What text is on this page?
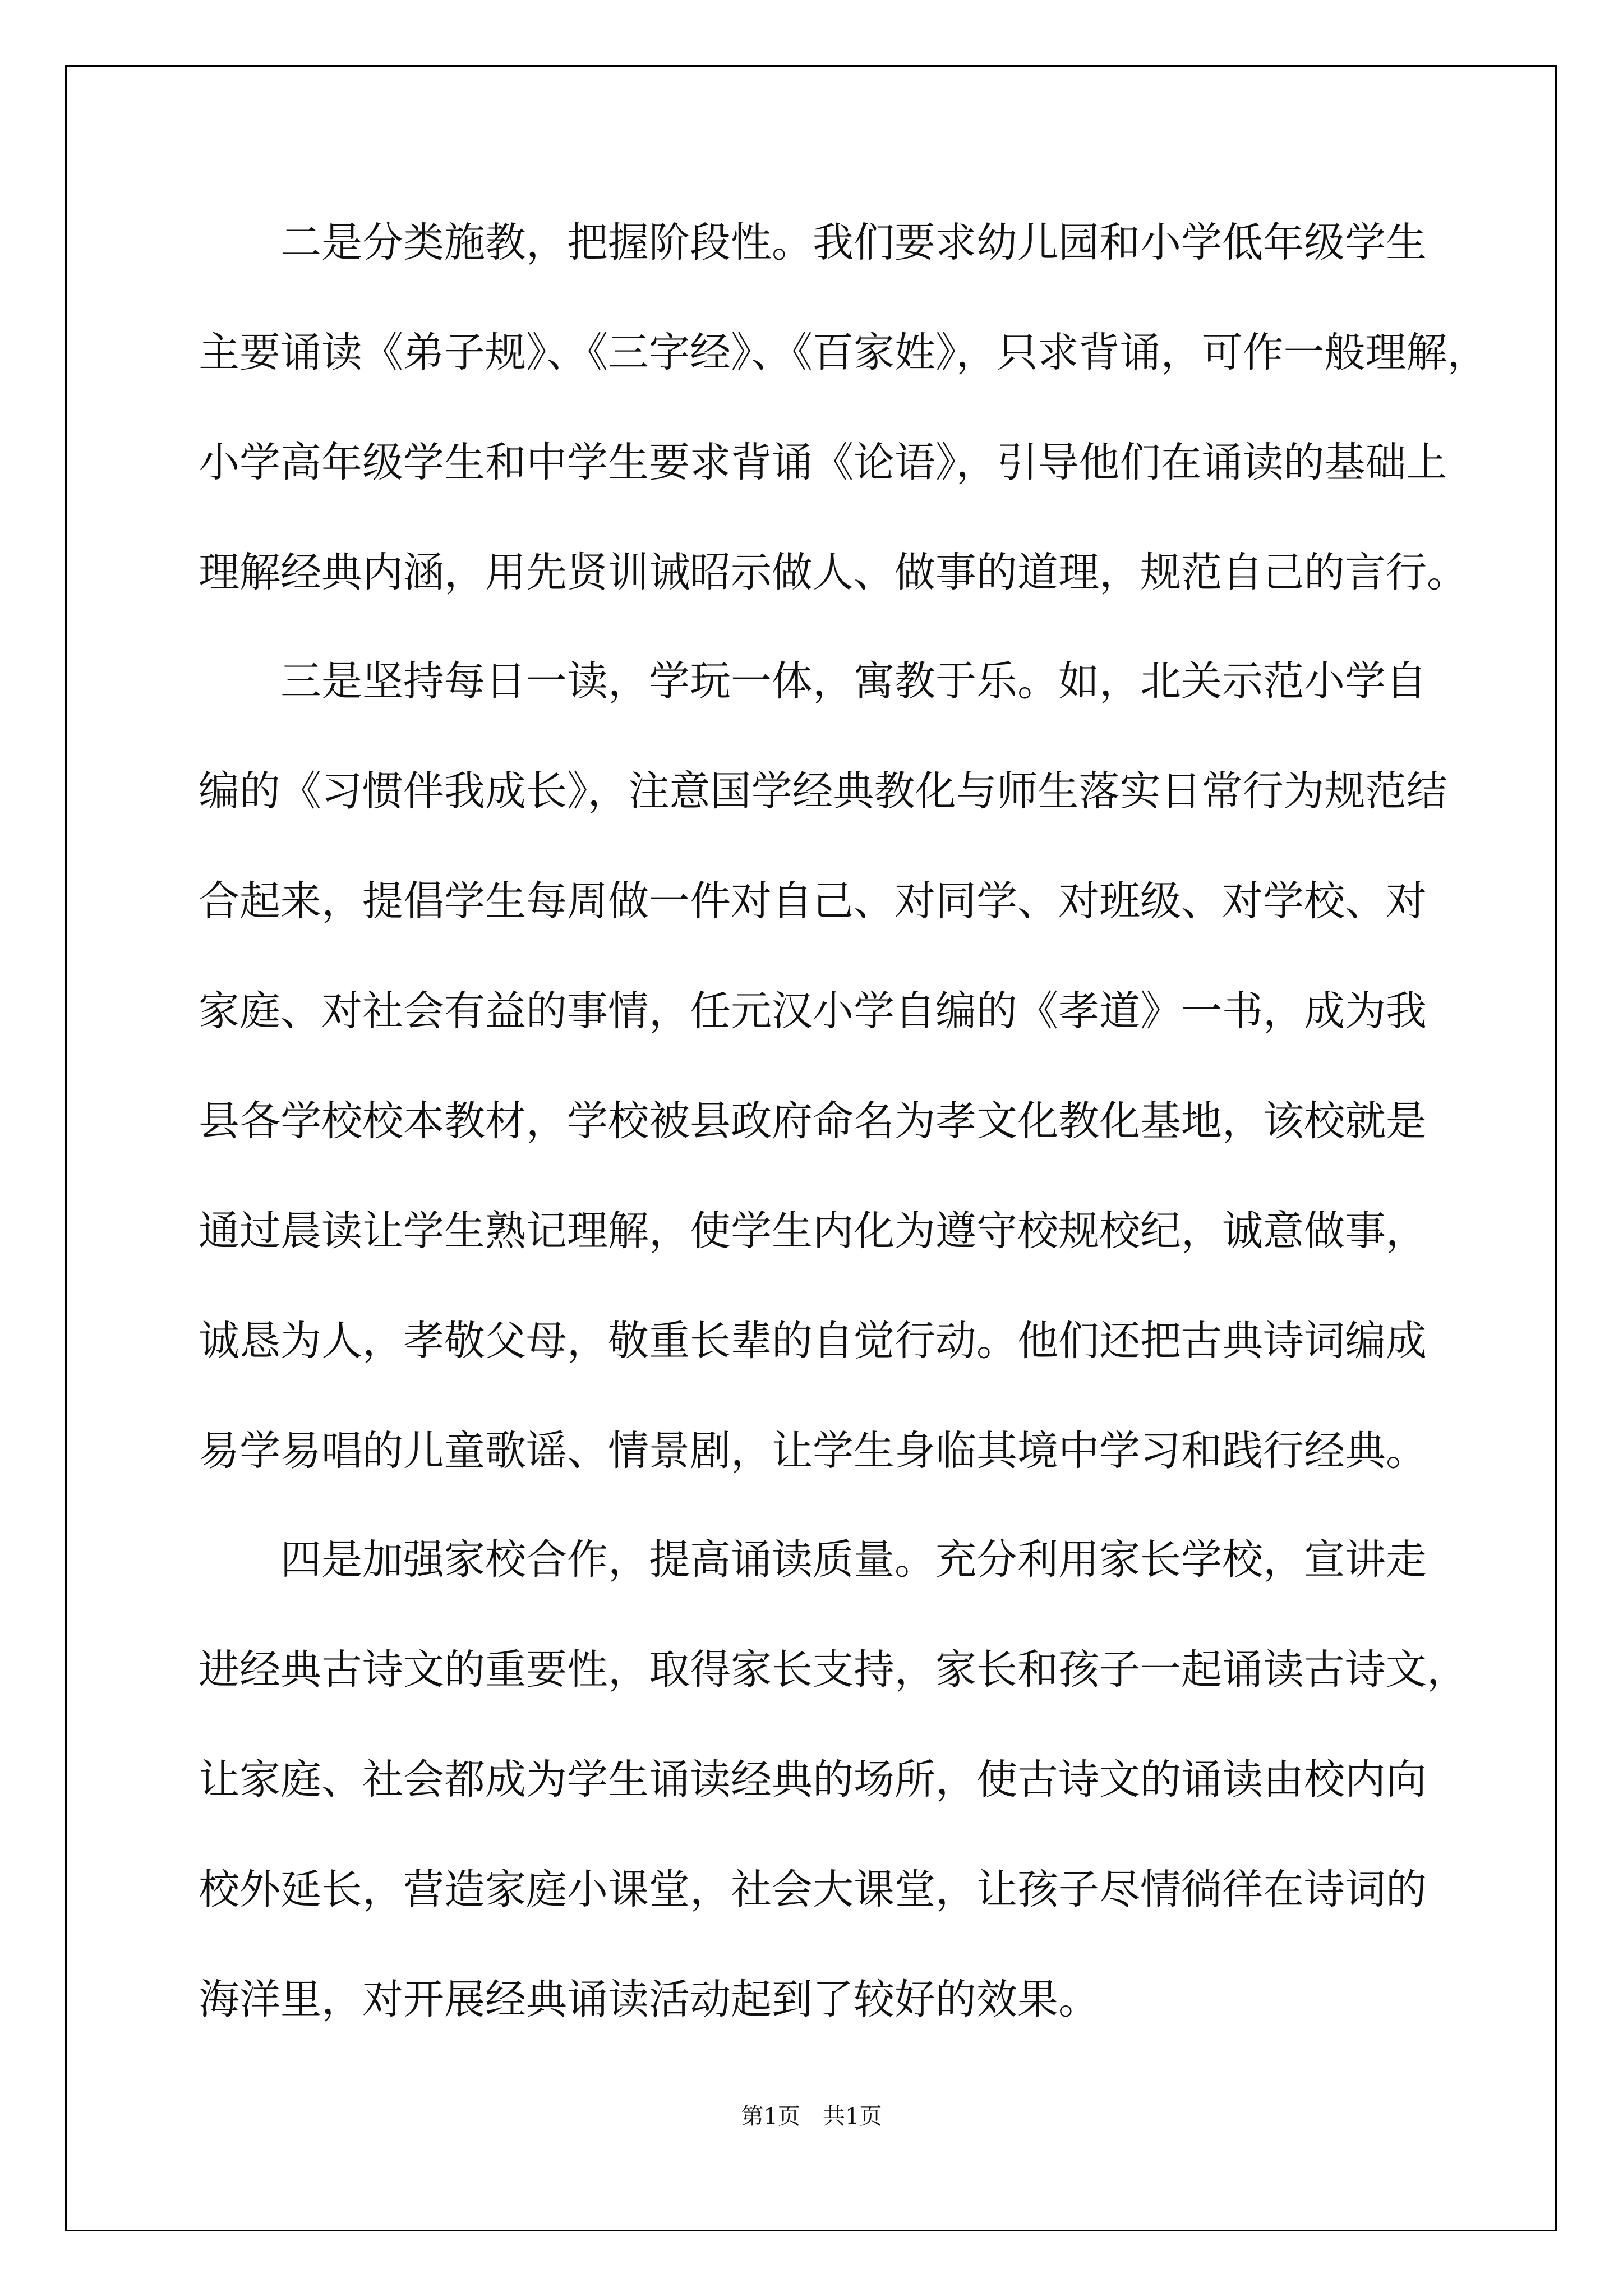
二是分类施教，把握阶段性。我们要求幼儿园和小学低年级学生
主要诵读《弟子规》、《三字经》、《百家姓》，只求背诵，可作一般理解，
小学高年级学生和中学生要求背诵《论语》，引导他们在诵读的基础上
理解经典内涵，用先贤训诫昭示做人、做事的道理，规范自己的言行。
三是坚持每日一读，学玩一体，寓教于乐。如，北关示范小学自
编的《习惯伴我成长》，注意国学经典教化与师生落实日常行为规范结
合起来，提倡学生每周做一件对自己、对同学、对班级、对学校、对
家庭、对社会有益的事情，任元汉小学自编的《孝道》一书，成为我
县各学校校本教材，学校被县政府命名为孝文化教化基地，该校就是
通过晨读让学生熟记理解，使学生内化为遵守校规校纪，诚意做事，
诚恳为人，孝敬父母，敬重长辈的自觉行动。他们还把古典诗词编成
易学易唱的儿童歌谣、情景剧，让学生身临其境中学习和践行经典。
四是加强家校合作，提高诵读质量。充分利用家长学校，宣讲走
进经典古诗文的重要性，取得家长支持，家长和孩子一起诵读古诗文，
让家庭、社会都成为学生诵读经典的场所，使古诗文的诵读由校内向
校外延长，营造家庭小课堂，社会大课堂，让孩子尽情徜徉在诗词的
海洋里，对开展经典诵读活动起到了较好的效果。
第1页 共1页
